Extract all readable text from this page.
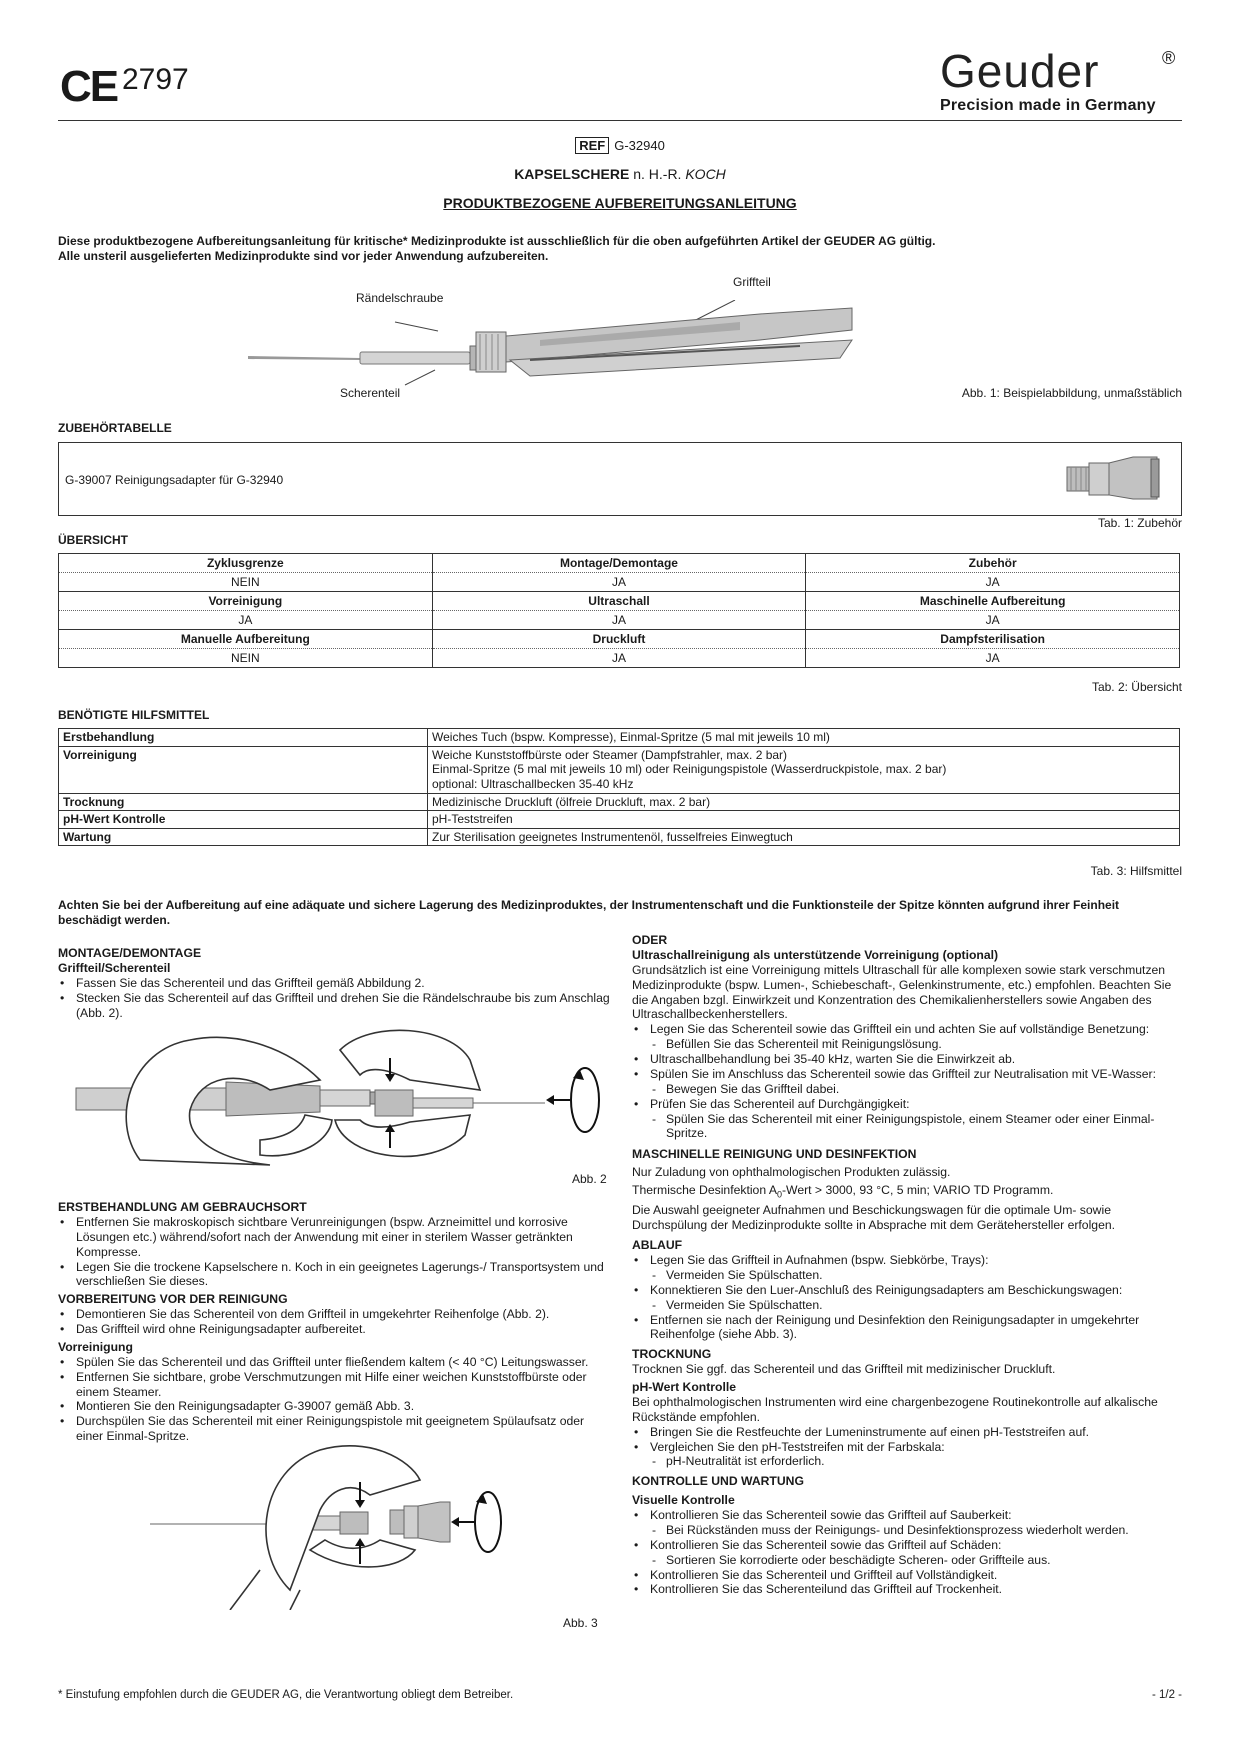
CE 2797	Geuder	®
Precision made in Germany
REF G-32940
KAPSELSCHERE n. H.-R. KOCH
PRODUKTBEZOGENE AUFBEREITUNGSANLEITUNG
Diese produktbezogene Aufbereitungsanleitung für kritische* Medizinprodukte ist ausschließlich für die oben aufgeführten Artikel der GEUDER AG gültig.
Alle unsteril ausgelieferten Medizinprodukte sind vor jeder Anwendung aufzubereiten.
Griffteil
Rändelschraube
Scherenteil	Abb. 1: Beispielabbildung, unmaßstäblich
ZUBEHÖRTABELLE
G-39007 Reinigungsadapter für G-32940
Tab. 1: Zubehör
ÜBERSICHT
Zyklusgrenze	Montage/Demontage	Zubehör
NEIN	JA	JA
Vorreinigung	Ultraschall	Maschinelle Aufbereitung
JA	JA	JA
Manuelle Aufbereitung	Druckluft	Dampfsterilisation
NEIN	JA	JA
Tab. 2: Übersicht
BENÖTIGTE HILFSMITTEL
Erstbehandlung	Weiches Tuch (bspw. Kompresse), Einmal-Spritze (5 mal mit jeweils 10 ml)

Vorreinigung	Weiche Kunststoffbürste oder Steamer (Dampfstrahler, max. 2 bar)
Einmal-Spritze (5 mal mit jeweils 10 ml) oder Reinigungspistole (Wasserdruckpistole, max. 2 bar)
optional: Ultraschallbecken 35-40 kHz

Trocknung	Medizinische Druckluft (ölfreie Druckluft, max. 2 bar)

pH-Wert Kontrolle	pH-Teststreifen

Wartung	Zur Sterilisation geeignetes Instrumentenöl, fusselfreies Einwegtuch
Tab. 3: Hilfsmittel
Achten Sie bei der Aufbereitung auf eine adäquate und sichere Lagerung des Medizinproduktes, der Instrumentenschaft und die Funktionsteile der Spitze könnten aufgrund ihrer Feinheit beschädigt werden.
MONTAGE/DEMONTAGE
Griffteil/Scherenteil
• Fassen Sie das Scherenteil und das Griffteil gemäß Abbildung 2.
• Stecken Sie das Scherenteil auf das Griffteil und drehen Sie die Rändelschraube bis zum Anschlag (Abb. 2).
Abb. 2
ERSTBEHANDLUNG AM GEBRAUCHSORT
• Entfernen Sie makroskopisch sichtbare Verunreinigungen (bspw. Arzneimittel und korrosive Lösungen etc.) während/sofort nach der Anwendung mit einer in sterilem Wasser getränkten Kompresse.
• Legen Sie die trockene Kapselschere n. Koch in ein geeignetes Lagerungs-/ Transportsystem und verschließen Sie dieses.
VORBEREITUNG VOR DER REINIGUNG
• Demontieren Sie das Scherenteil von dem Griffteil in umgekehrter Reihenfolge (Abb. 2).
• Das Griffteil wird ohne Reinigungsadapter aufbereitet.
Vorreinigung
• Spülen Sie das Scherenteil und das Griffteil unter fließendem kaltem (< 40 °C) Leitungswasser.
• Entfernen Sie sichtbare, grobe Verschmutzungen mit Hilfe einer weichen Kunststoffbürste oder einem Steamer.
• Montieren Sie den Reinigungsadapter G-39007 gemäß Abb. 3.
• Durchspülen Sie das Scherenteil mit einer Reinigungspistole mit geeignetem Spülaufsatz oder einer Einmal-Spritze.
Abb. 3
ODER
Ultraschallreinigung als unterstützende Vorreinigung (optional)

Grundsätzlich ist eine Vorreinigung mittels Ultraschall für alle komplexen sowie stark verschmutzen Medizinprodukte (bspw. Lumen-, Schiebeschaft-, Gelenkinstrumente, etc.) empfohlen. Beachten Sie die Angaben bzgl. Einwirkzeit und Konzentration des Chemikalienherstellers sowie Angaben des Ultraschallbeckenherstellers.

• Legen Sie das Scherenteil sowie das Griffteil ein und achten Sie auf vollständige Benetzung:
- Befüllen Sie das Scherenteil mit Reinigungslösung.
• Ultraschallbehandlung bei 35-40 kHz, warten Sie die Einwirkzeit ab.
• Spülen Sie im Anschluss das Scherenteil sowie das Griffteil zur Neutralisation mit VE-Wasser:
- Bewegen Sie das Griffteil dabei.
• Prüfen Sie das Scherenteil auf Durchgängigkeit:
- Spülen Sie das Scherenteil mit einer Reinigungspistole, einem Steamer oder einer Einmal-Spritze.
MASCHINELLE REINIGUNG UND DESINFEKTION

Nur Zuladung von ophthalmologischen Produkten zulässig.

Thermische Desinfektion $A_0$-Wert > 3000, 93 °C, 5 min; VARIO TD Programm.

Die Auswahl geeigneter Aufnahmen und Beschickungswagen für die optimale Um- sowie Durchspülung der Medizinprodukte sollte in Absprache mit dem Gerätehersteller erfolgen.

ABLAUF
• Legen Sie das Griffteil in Aufnahmen (bspw. Siebkörbe, Trays):
- Vermeiden Sie Spülschatten.
• Konnektieren Sie den Luer-Anschluß des Reinigungsadapters am Beschickungswagen:
- Vermeiden Sie Spülschatten.
• Entfernen sie nach der Reinigung und Desinfektion den Reinigungsadapter in umgekehrter Reihenfolge (siehe Abb. 3).
TROCKNUNG

Trocknen Sie ggf. das Scherenteil und das Griffteil mit medizinischer Druckluft.

pH-Wert Kontrolle

Bei ophthalmologischen Instrumenten wird eine chargenbezogene Routinekontrolle auf alkalische Rückstände empfohlen.

• Bringen Sie die Restfeuchte der Lumeninstrumente auf einen pH-Teststreifen auf.
• Vergleichen Sie den pH-Teststreifen mit der Farbskala:
- pH-Neutralität ist erforderlich.
KONTROLLE UND WARTUNG
Visuelle Kontrolle
• Kontrollieren Sie das Scherenteil sowie das Griffteil auf Sauberkeit:
- Bei Rückständen muss der Reinigungs- und Desinfektionsprozess wiederholt werden.
• Kontrollieren Sie das Scherenteil sowie das Griffteil auf Schäden:
- Sortieren Sie korrodierte oder beschädigte Scheren- oder Griffteile aus.
• Kontrollieren Sie das Scherenteil und Griffteil auf Vollständigkeit.
• Kontrollieren Sie das Scherenteilund das Griffteil auf Trockenheit.
* Einstufung empfohlen durch die GEUDER AG, die Verantwortung obliegt dem Betreiber.	- 1/2 -
